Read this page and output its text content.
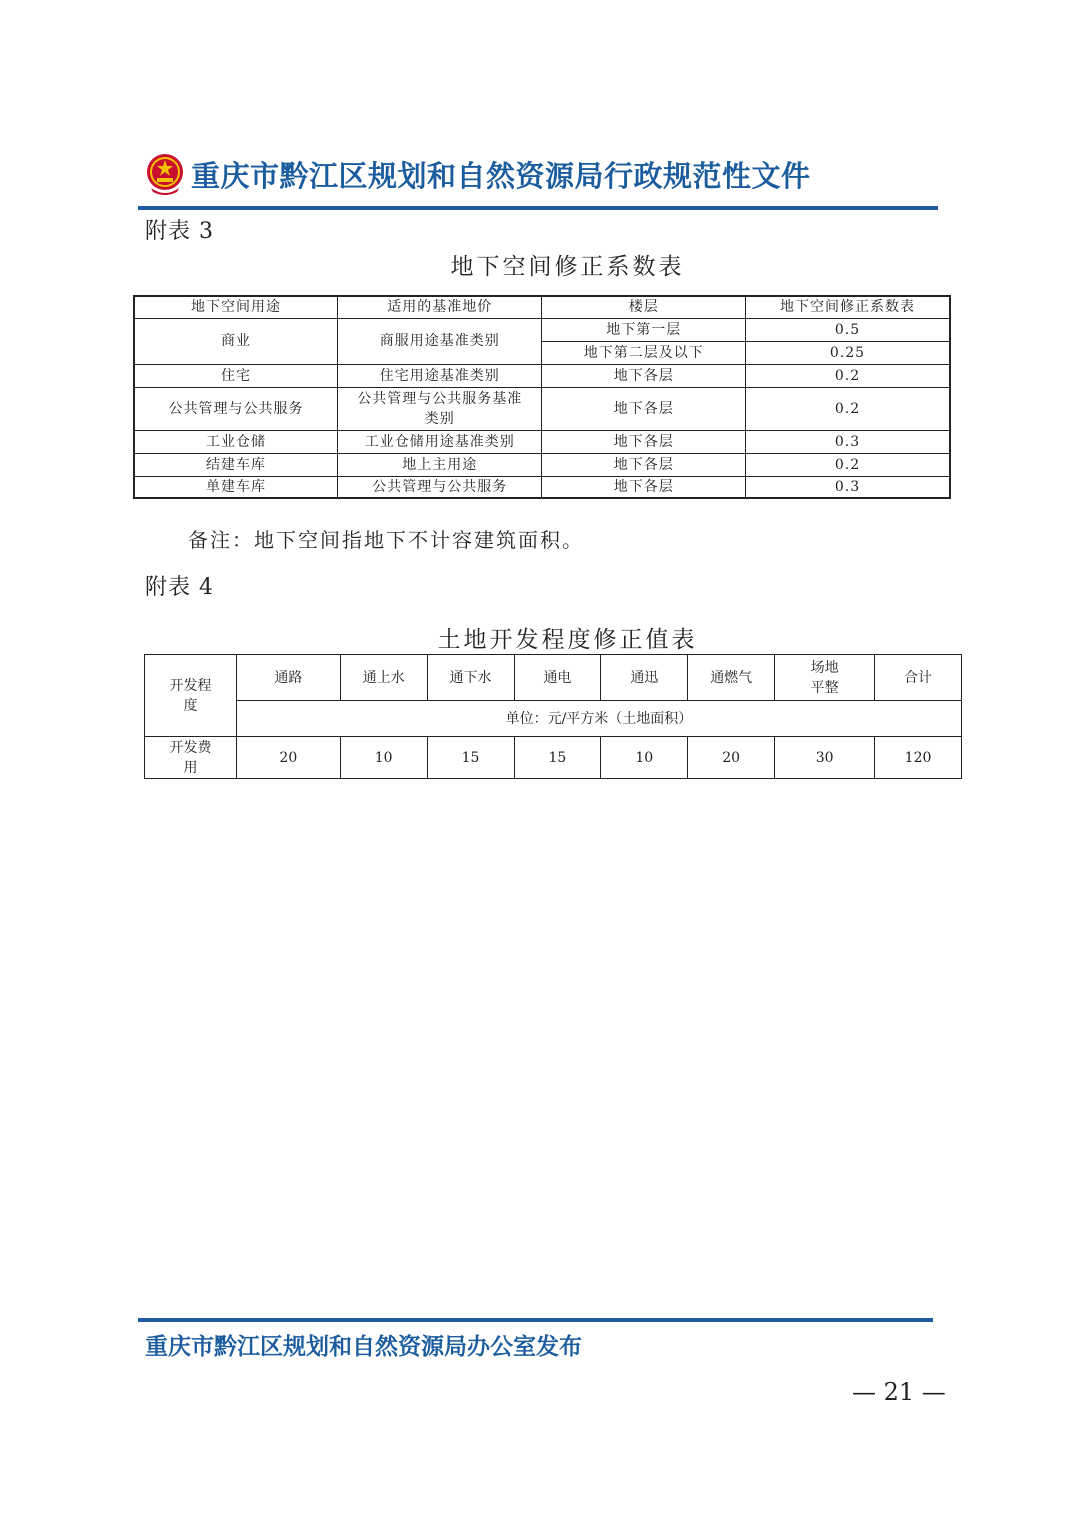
重庆市黔江区规划和自然资源局行政规范性文件
附表 3
地下空间修正系数表
地下空间用途	适用的基准地价	楼层	地下空间修正系数表
商业	商服用途基准类别	地下第一层	0.5
		地下第二层及以下	0.25
住宅	住宅用途基准类别	地下各层	0.2
公共管理与公共服务	公共管理与公共服务基准类别	地下各层	0.2
工业仓储	工业仓储用途基准类别	地下各层	0.3
结建车库	地上主用途	地下各层	0.2
单建车库	公共管理与公共服务	地下各层	0.3
备注：地下空间指地下不计容建筑面积。
附表 4
土地开发程度修正值表
开发程度	通路	通上水	通下水	通电	通迅	通燃气	场地平整	合计
	单位：元/平方米（土地面积）							
开发费用	20	10	15	15	10	20	30	120
重庆市黔江区规划和自然资源局办公室发布
— 21 —
